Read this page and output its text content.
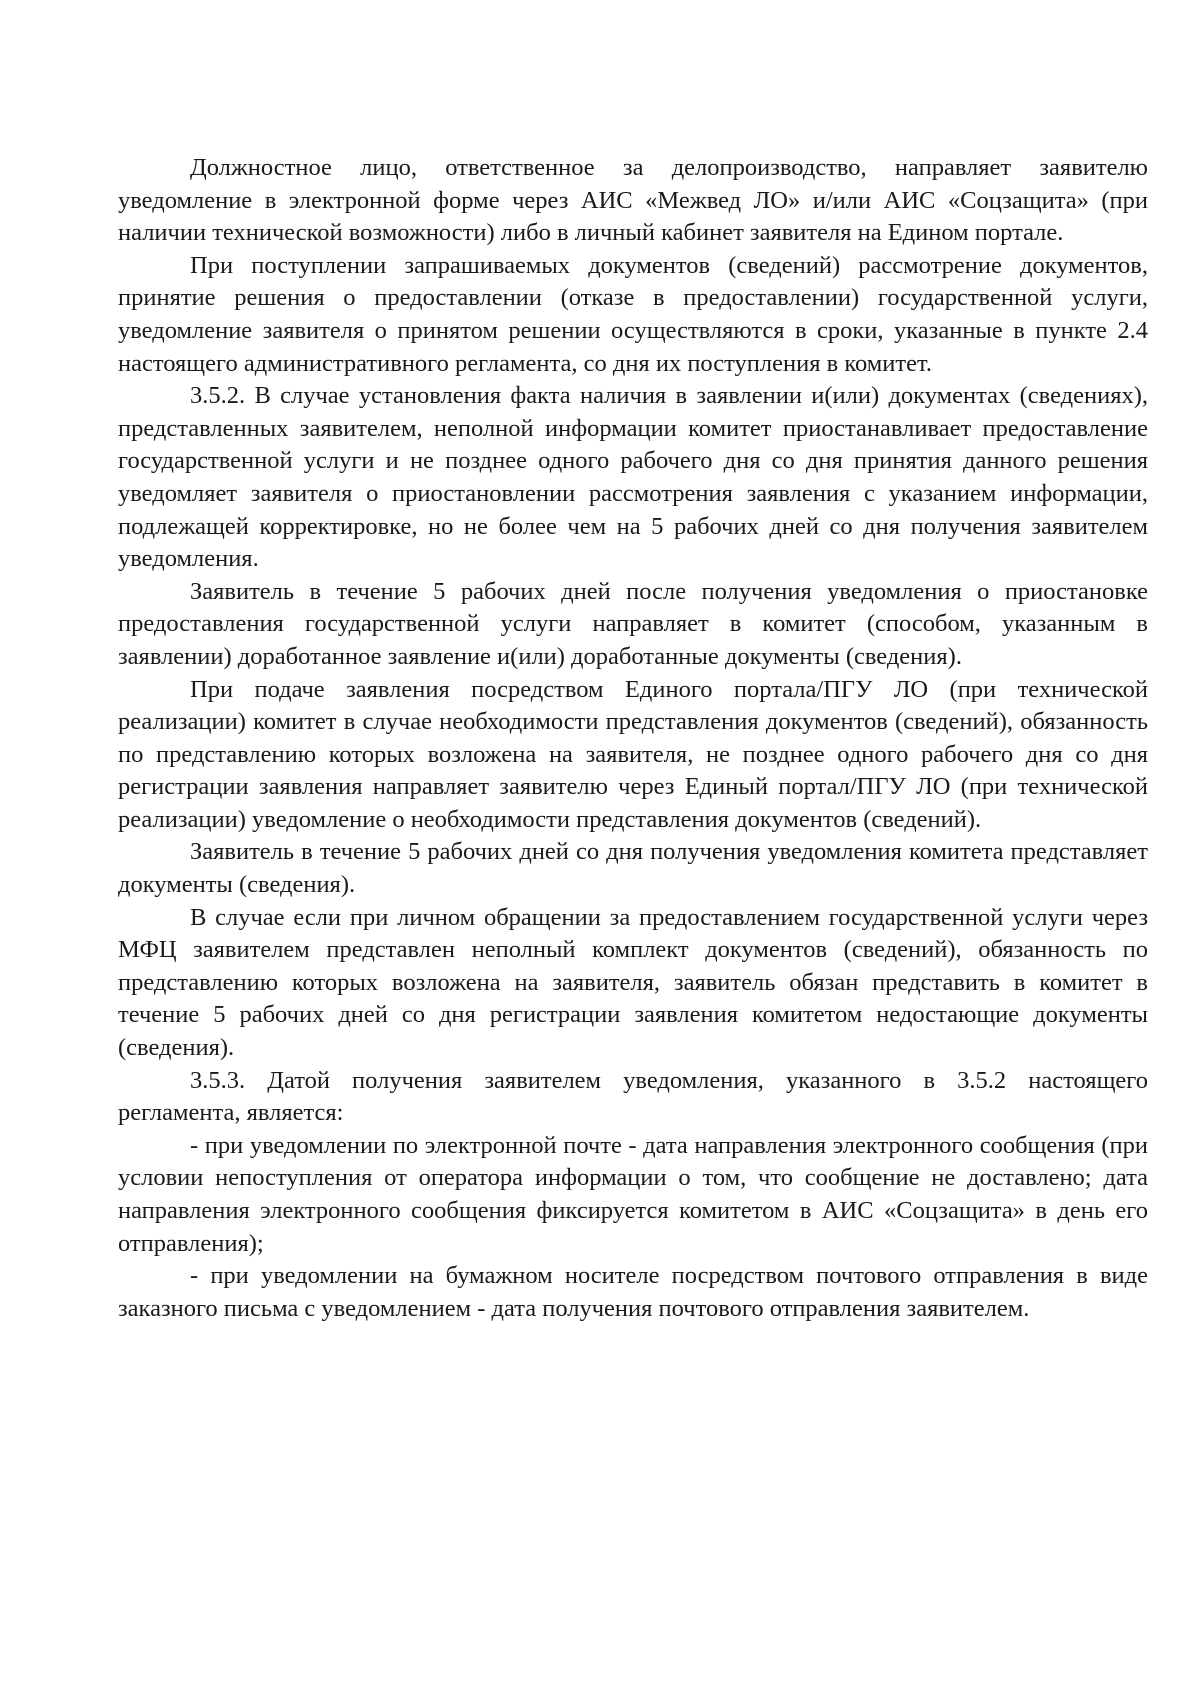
Должностное лицо, ответственное за делопроизводство, направляет заявителю уведомление в электронной форме через АИС «Межвед ЛО» и/или АИС «Соцзащита» (при наличии технической возможности) либо в личный кабинет заявителя на Едином портале.

При поступлении запрашиваемых документов (сведений) рассмотрение документов, принятие решения о предоставлении (отказе в предоставлении) государственной услуги, уведомление заявителя о принятом решении осуществляются в сроки, указанные в пункте 2.4 настоящего административного регламента, со дня их поступления в комитет.

3.5.2. В случае установления факта наличия в заявлении и(или) документах (сведениях), представленных заявителем, неполной информации комитет приостанавливает предоставление государственной услуги и не позднее одного рабочего дня со дня принятия данного решения уведомляет заявителя о приостановлении рассмотрения заявления с указанием информации, подлежащей корректировке, но не более чем на 5 рабочих дней со дня получения заявителем уведомления.

Заявитель в течение 5 рабочих дней после получения уведомления о приостановке предоставления государственной услуги направляет в комитет (способом, указанным в заявлении) доработанное заявление и(или) доработанные документы (сведения).

При подаче заявления посредством Единого портала/ПГУ ЛО (при технической реализации) комитет в случае необходимости представления документов (сведений), обязанность по представлению которых возложена на заявителя, не позднее одного рабочего дня со дня регистрации заявления направляет заявителю через Единый портал/ПГУ ЛО (при технической реализации) уведомление о необходимости представления документов (сведений).

Заявитель в течение 5 рабочих дней со дня получения уведомления комитета представляет документы (сведения).

В случае если при личном обращении за предоставлением государственной услуги через МФЦ заявителем представлен неполный комплект документов (сведений), обязанность по представлению которых возложена на заявителя, заявитель обязан представить в комитет в течение 5 рабочих дней со дня регистрации заявления комитетом недостающие документы (сведения).

3.5.3. Датой получения заявителем уведомления, указанного в 3.5.2 настоящего регламента, является:

- при уведомлении по электронной почте - дата направления электронного сообщения (при условии непоступления от оператора информации о том, что сообщение не доставлено; дата направления электронного сообщения фиксируется комитетом в АИС «Соцзащита» в день его отправления);

- при уведомлении на бумажном носителе посредством почтового отправления в виде заказного письма с уведомлением - дата получения почтового отправления заявителем.
